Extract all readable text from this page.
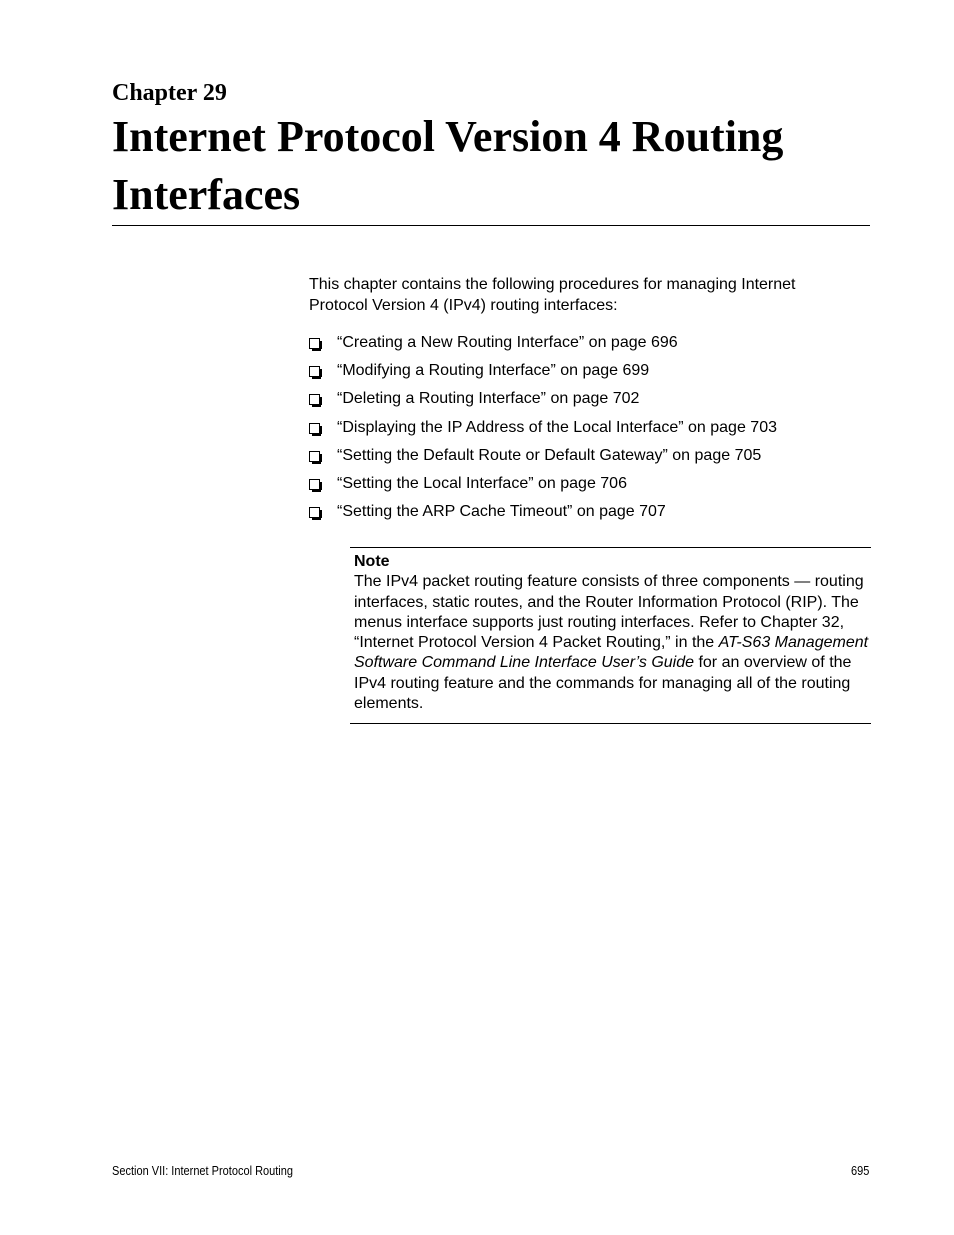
Chapter 29
Internet Protocol Version 4 Routing Interfaces

This chapter contains the following procedures for managing Internet Protocol Version 4 (IPv4) routing interfaces:

“Creating a New Routing Interface” on page 696
“Modifying a Routing Interface” on page 699
“Deleting a Routing Interface” on page 702
“Displaying the IP Address of the Local Interface” on page 703
“Setting the Default Route or Default Gateway” on page 705
“Setting the Local Interface” on page 706
“Setting the ARP Cache Timeout” on page 707

Note

The IPv4 packet routing feature consists of three components — routing interfaces, static routes, and the Router Information Protocol (RIP). The menus interface supports just routing interfaces. Refer to Chapter 32, “Internet Protocol Version 4 Packet Routing,” in the AT-S63 Management Software Command Line Interface User’s Guide for an overview of the IPv4 routing feature and the commands for managing all of the routing elements.

Section VII: Internet Protocol Routing	695
